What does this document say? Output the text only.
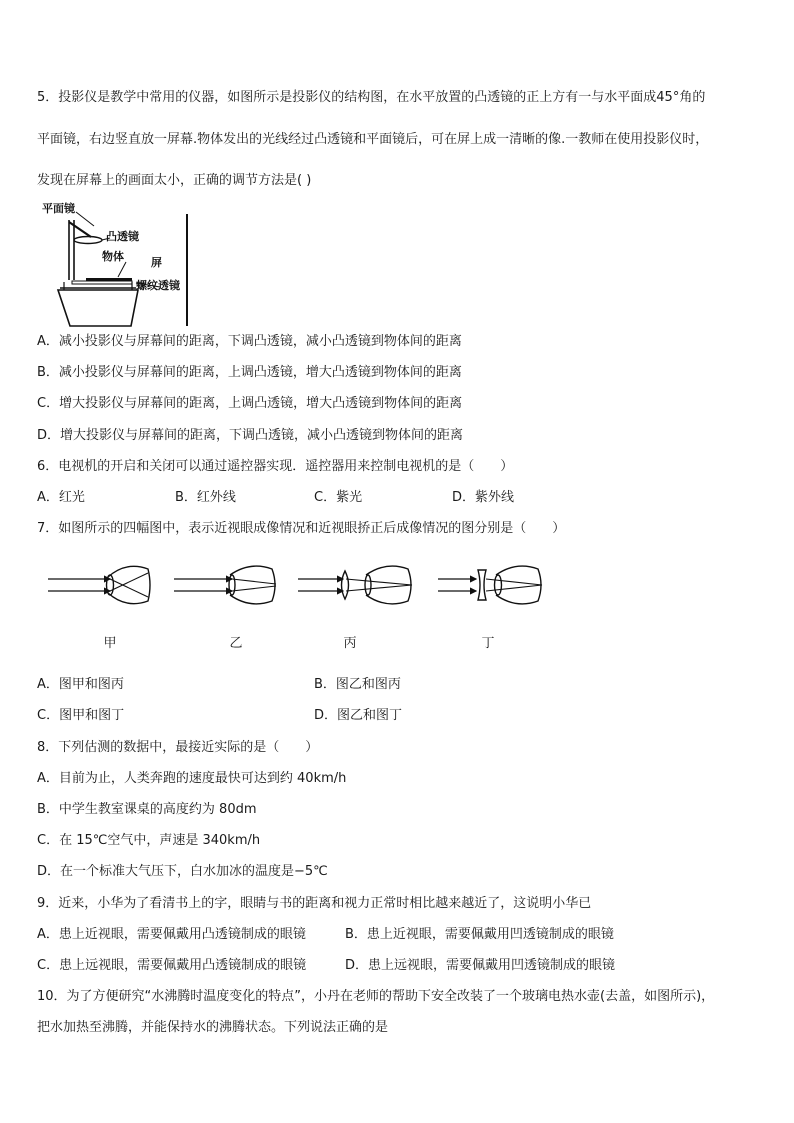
5．投影仪是教学中常用的仪器，如图所示是投影仪的结构图，在水平放置的凸透镜的正上方有一与水平面成45°角的
平面镜，右边竖直放一屏幕.物体发出的光线经过凸透镜和平面镜后，可在屏上成一清晰的像.一教师在使用投影仪时，
发现在屏幕上的画面太小，正确的调节方法是( )
平面镜
凸透镜
物体 屏
螺纹透镜
A．减小投影仪与屏幕间的距离，下调凸透镜，减小凸透镜到物体间的距离
B．减小投影仪与屏幕间的距离，上调凸透镜，增大凸透镜到物体间的距离
C．增大投影仪与屏幕间的距离，上调凸透镜，增大凸透镜到物体间的距离
D．增大投影仪与屏幕间的距离，下调凸透镜，减小凸透镜到物体间的距离
6．电视机的开启和关闭可以通过遥控器实现．遥控器用来控制电视机的是（　　）
A．红光	B．红外线	C．紫光	D．紫外线
7．如图所示的四幅图中，表示近视眼成像情况和近视眼挢正后成像情况的图分别是（　　）
甲	乙	丙	丁
A．图甲和图丙	B．图乙和图丙
C．图甲和图丁	D．图乙和图丁
8．下列估测的数据中，最接近实际的是（　　）
A．目前为止，人类奔跑的速度最快可达到约 40km/h
B．中学生教室课桌的高度约为 80dm
C．在 15℃空气中，声速是 340km/h
D．在一个标准大气压下，白水加冰的温度是−5℃
9．近来，小华为了看清书上的字，眼睛与书的距离和视力正常时相比越来越近了，这说明小华已
A．患上近视眼，需要佩戴用凸透镜制成的眼镜	B．患上近视眼，需要佩戴用凹透镜制成的眼镜
C．患上远视眼，需要佩戴用凸透镜制成的眼镜	D．患上远视眼，需要佩戴用凹透镜制成的眼镜
10．为了方便研究“水沸腾时温度变化的特点”，小丹在老师的帮助下安全改装了一个玻璃电热水壶(去盖，如图所示)，
把水加热至沸腾，并能保持水的沸腾状态。下列说法正确的是
